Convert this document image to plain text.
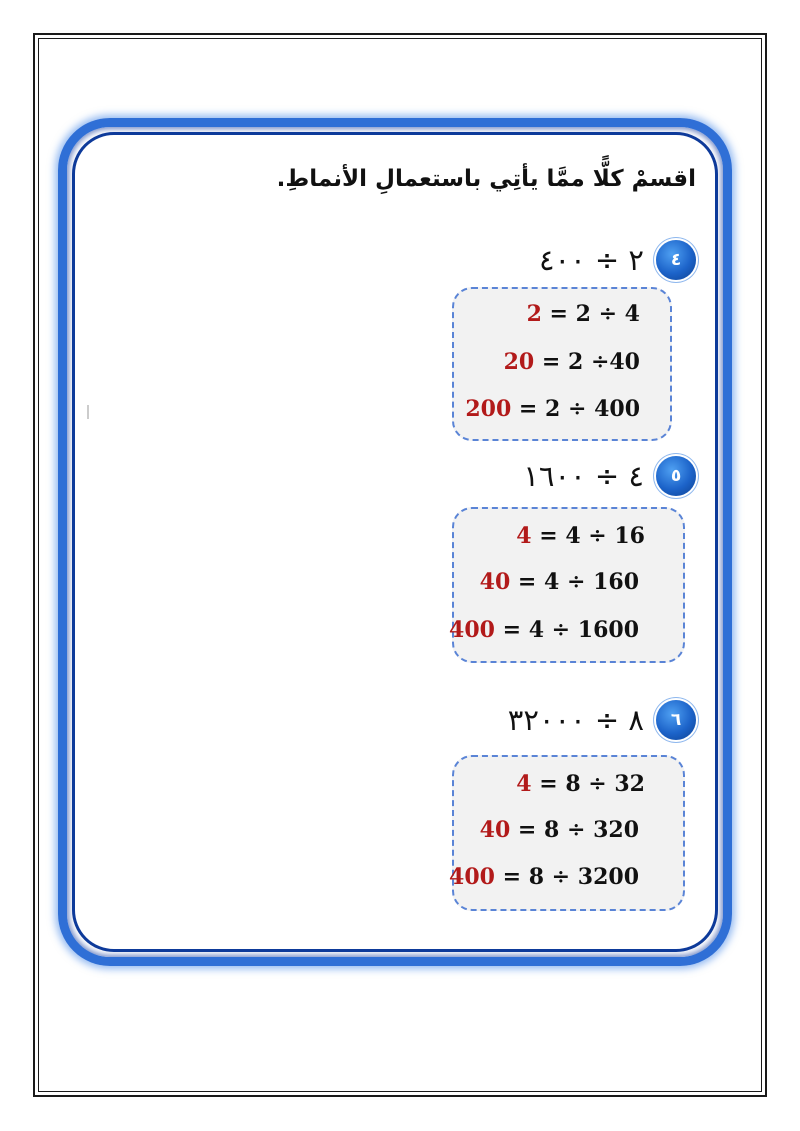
اقسمْ كلًّا ممَّا يأتِي باستعمالِ الأنماطِ.
٤
٢ ÷ ٤٠٠
2 = 2 ÷ 4
20 = 2 ÷40
200 = 2 ÷ 400
٥
٤ ÷ ١٦٠٠
4 = 4 ÷ 16
40 = 4 ÷ 160
400 = 4 ÷ 1600
٦
٨ ÷ ٣٢٠٠٠
4 = 8 ÷ 32
40 = 8 ÷ 320
400 = 8 ÷ 3200
